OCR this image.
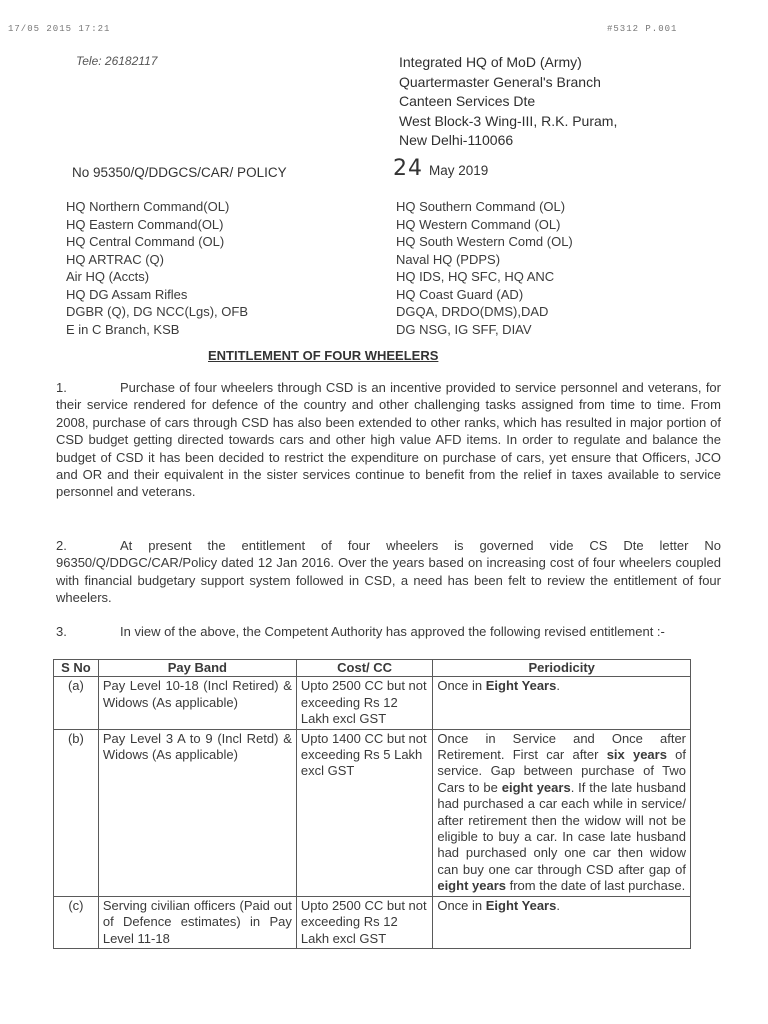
17/05 2015 17:21	#5312 P.001
Tele: 26182117	Integrated HQ of MoD (Army)
Quartermaster General's Branch
Canteen Services Dte
West Block-3 Wing-III, R.K. Puram,
New Delhi-110066
No 95350/Q/DDGCS/CAR/ POLICY	24 May 2019
HQ Northern Command(OL)
HQ Eastern Command(OL)
HQ Central Command (OL)
HQ ARTRAC (Q)
Air HQ (Accts)
HQ DG Assam Rifles
DGBR (Q), DG NCC(Lgs), OFB
E in C Branch, KSB
HQ Southern Command (OL)
HQ Western Command (OL)
HQ South Western Comd (OL)
Naval HQ (PDPS)
HQ IDS, HQ SFC, HQ ANC
HQ Coast Guard (AD)
DGQA, DRDO(DMS),DAD
DG NSG, IG SFF, DIAV
ENTITLEMENT OF FOUR WHEELERS
1.	Purchase of four wheelers through CSD is an incentive provided to service personnel and veterans, for their service rendered for defence of the country and other challenging tasks assigned from time to time. From 2008, purchase of cars through CSD has also been extended to other ranks, which has resulted in major portion of CSD budget getting directed towards cars and other high value AFD items. In order to regulate and balance the budget of CSD it has been decided to restrict the expenditure on purchase of cars, yet ensure that Officers, JCO and OR and their equivalent in the sister services continue to benefit from the relief in taxes available to service personnel and veterans.
2.	At present the entitlement of four wheelers is governed vide CS Dte letter No 96350/Q/DDGC/CAR/Policy dated 12 Jan 2016. Over the years based on increasing cost of four wheelers coupled with financial budgetary support system followed in CSD, a need has been felt to review the entitlement of four wheelers.
3.	In view of the above, the Competent Authority has approved the following revised entitlement :-
S No	Pay Band	Cost/ CC	Periodicity
(a)	Pay Level 10-18 (Incl Retired) & Widows (As applicable)	Upto 2500 CC but not exceeding Rs 12 Lakh excl GST	Once in Eight Years.
(b)	Pay Level 3 A to 9 (Incl Retd) & Widows (As applicable)	Upto 1400 CC but not exceeding Rs 5 Lakh excl GST	Once in Service and Once after Retirement. First car after six years of service. Gap between purchase of Two Cars to be eight years. If the late husband had purchased a car each while in service/ after retirement then the widow will not be eligible to buy a car. In case late husband had purchased only one car then widow can buy one car through CSD after gap of eight years from the date of last purchase.
(c)	Serving civilian officers (Paid out of Defence estimates) in Pay Level 11-18	Upto 2500 CC but not exceeding Rs 12 Lakh excl GST	Once in Eight Years.
